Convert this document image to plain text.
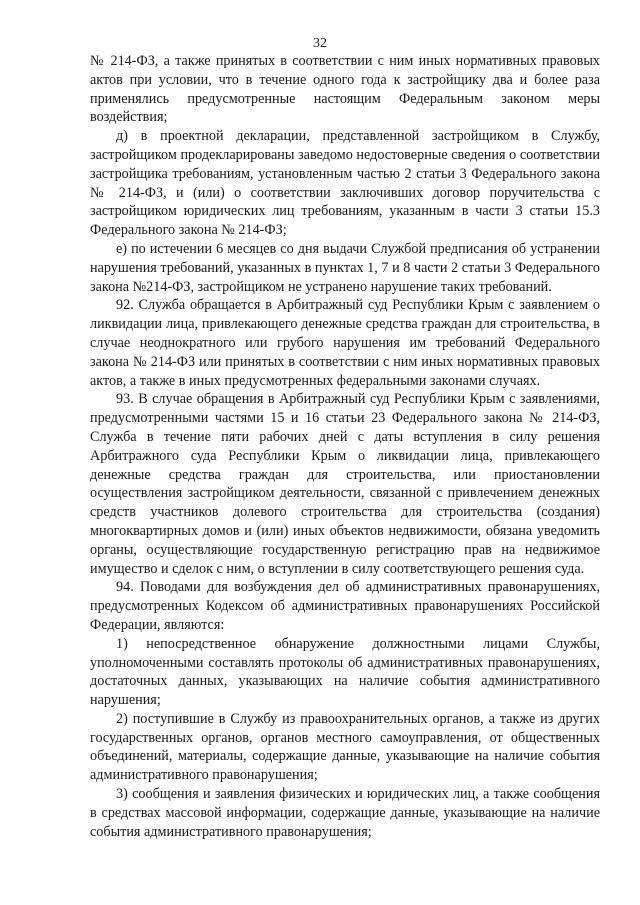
32

№ 214-ФЗ, а также принятых в соответствии с ним иных нормативных правовых актов при условии, что в течение одного года к застройщику два и более раза применялись предусмотренные настоящим Федеральным законом меры воздействия;

д) в проектной декларации, представленной застройщиком в Службу, застройщиком продекларированы заведомо недостоверные сведения о соответствии застройщика требованиям, установленным частью 2 статьи 3 Федерального закона № 214-ФЗ, и (или) о соответствии заключивших договор поручительства с застройщиком юридических лиц требованиям, указанным в части 3 статьи 15.3 Федерального закона № 214-ФЗ;

е) по истечении 6 месяцев со дня выдачи Службой предписания об устранении нарушения требований, указанных в пунктах 1, 7 и 8 части 2 статьи 3 Федерального закона №214-ФЗ, застройщиком не устранено нарушение таких требований.

92. Служба обращается в Арбитражный суд Республики Крым с заявлением о ликвидации лица, привлекающего денежные средства граждан для строительства, в случае неоднократного или грубого нарушения им требований Федерального закона № 214-ФЗ или принятых в соответствии с ним иных нормативных правовых актов, а также в иных предусмотренных федеральными законами случаях.

93. В случае обращения в Арбитражный суд Республики Крым с заявлениями, предусмотренными частями 15 и 16 статьи 23 Федерального закона № 214-ФЗ, Служба в течение пяти рабочих дней с даты вступления в силу решения Арбитражного суда Республики Крым о ликвидации лица, привлекающего денежные средства граждан для строительства, или приостановлении осуществления застройщиком деятельности, связанной с привлечением денежных средств участников долевого строительства для строительства (создания) многоквартирных домов и (или) иных объектов недвижимости, обязана уведомить органы, осуществляющие государственную регистрацию прав на недвижимое имущество и сделок с ним, о вступлении в силу соответствующего решения суда.

94. Поводами для возбуждения дел об административных правонарушениях, предусмотренных Кодексом об административных правонарушениях Российской Федерации, являются:

1) непосредственное обнаружение должностными лицами Службы, уполномоченными составлять протоколы об административных правонарушениях, достаточных данных, указывающих на наличие события административного нарушения;

2) поступившие в Службу из правоохранительных органов, а также из других государственных органов, органов местного самоуправления, от общественных объединений, материалы, содержащие данные, указывающие на наличие события административного правонарушения;

3) сообщения и заявления физических и юридических лиц, а также сообщения в средствах массовой информации, содержащие данные, указывающие на наличие события административного правонарушения;
